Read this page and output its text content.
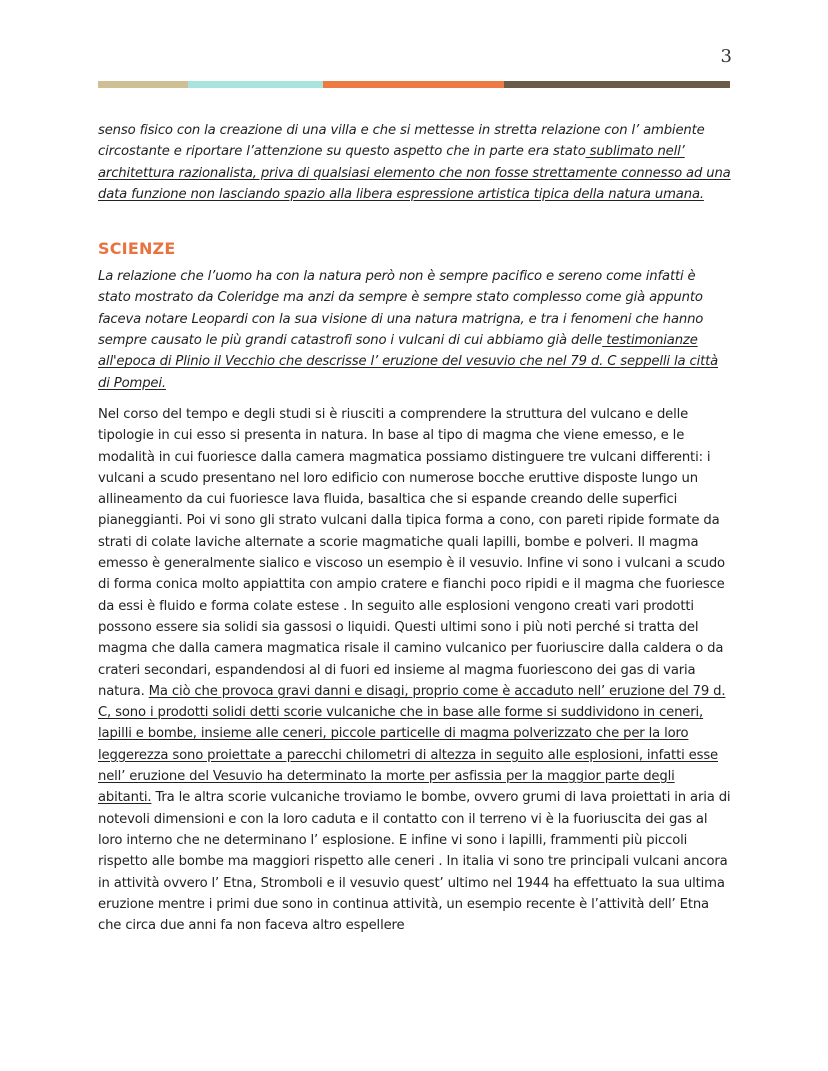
3

senso fisico con la creazione di una villa e che si mettesse in stretta relazione con l’ ambiente circostante e riportare l’attenzione su questo aspetto che in parte era stato sublimato nell’ architettura razionalista, priva di qualsiasi elemento che non fosse strettamente connesso ad una data funzione non lasciando spazio alla libera espressione artistica tipica della natura umana.

SCIENZE

La relazione che l’uomo ha con la natura però non è sempre pacifico e sereno come infatti è stato mostrato da Coleridge ma anzi da sempre è sempre stato complesso come già appunto faceva notare Leopardi con la sua visione di una natura matrigna, e tra i fenomeni che hanno sempre causato le più grandi catastrofi sono i vulcani di cui abbiamo già delle testimonianze all'epoca di Plinio il Vecchio che descrisse l’ eruzione del vesuvio che nel 79 d. C seppelli la città di Pompei.

Nel corso del tempo e degli studi si è riusciti a comprendere la struttura del vulcano e delle tipologie in cui esso si presenta in natura. In base al tipo di magma che viene emesso, e le modalità in cui fuoriesce dalla camera magmatica possiamo distinguere tre vulcani differenti: i vulcani a scudo presentano nel loro edificio con numerose bocche eruttive disposte lungo un allineamento da cui fuoriesce lava fluida, basaltica che si espande creando delle superfici pianeggianti. Poi vi sono gli strato vulcani dalla tipica forma a cono, con pareti ripide formate da strati di colate laviche alternate a scorie magmatiche quali lapilli, bombe e polveri. Il magma emesso è generalmente sialico e viscoso un esempio è il vesuvio. Infine vi sono i vulcani a scudo di forma conica molto appiattita con ampio cratere e fianchi poco ripidi e il magma che fuoriesce da essi è fluido e forma colate estese . In seguito alle esplosioni vengono creati vari prodotti possono essere sia solidi sia gassosi o liquidi. Questi ultimi sono i più noti perché si tratta del magma che dalla camera magmatica risale il camino vulcanico per fuoriuscire dalla caldera o da crateri secondari, espandendosi al di fuori ed insieme al magma fuoriescono dei gas di varia natura. Ma ciò che provoca gravi danni e disagi, proprio come è accaduto nell’ eruzione del 79 d. C, sono i prodotti solidi detti scorie vulcaniche che in base alle forme si suddividono in ceneri, lapilli e bombe, insieme alle ceneri, piccole particelle di magma polverizzato che per la loro leggerezza sono proiettate a parecchi chilometri di altezza in seguito alle esplosioni, infatti esse nell’ eruzione del Vesuvio ha determinato la morte per asfissia per la maggior parte degli abitanti. Tra le altra scorie vulcaniche troviamo le bombe, ovvero grumi di lava proiettati in aria di notevoli dimensioni e con la loro caduta e il contatto con il terreno vi è la fuoriuscita dei gas al loro interno che ne determinano l’ esplosione. E infine vi sono i lapilli, frammenti più piccoli rispetto alle bombe ma maggiori rispetto alle ceneri . In italia vi sono tre principali vulcani ancora in attività ovvero l’ Etna, Stromboli e il vesuvio quest’ ultimo nel 1944 ha effettuato la sua ultima eruzione mentre i primi due sono in continua attività, un esempio recente è l’attività dell’ Etna che circa due anni fa non faceva altro espellere
